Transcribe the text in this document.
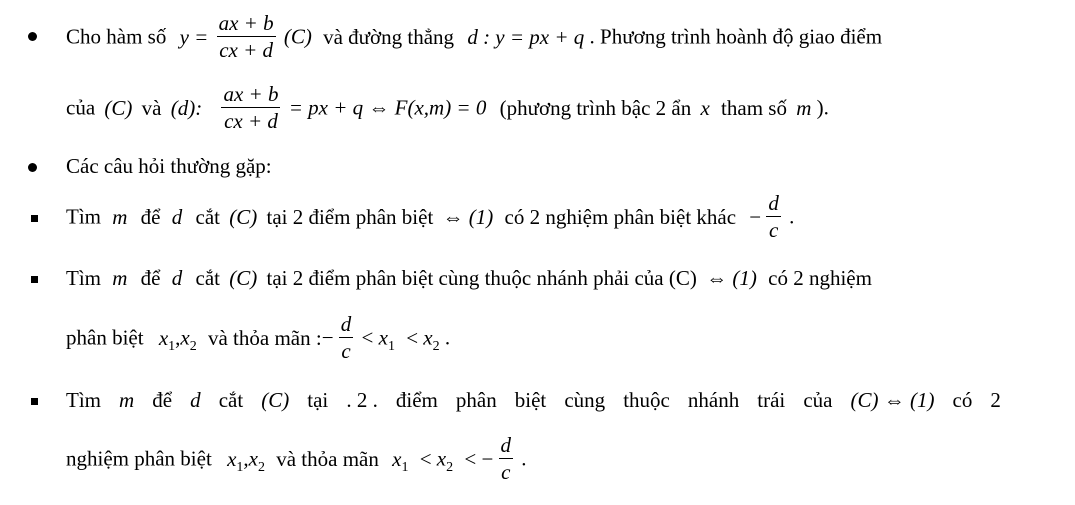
Cho hàm số $y = \frac{ax + b}{cx + d} (C)$ và đường thẳng d : y = px + q . Phương trình hoành độ giao điểm
của (C) và (d): $\frac{ax + b}{cx + d}$ = px + q ⇔ F(x,m) = 0 (phương trình bậc 2 ẩn x tham số m ).
Các câu hỏi thường gặp:
Tìm m để d cắt (C) tại 2 điểm phân biệt ⇔ (1) có 2 nghiệm phân biệt khác − $\frac{d}{c}$ .
Tìm m để d cắt (C) tại 2 điểm phân biệt cùng thuộc nhánh phải của (C) ⇔ (1) có 2 nghiệm
phân biệt $x_1,x_2$ và thỏa mãn :− $\frac{d}{c} < x_1 < x_2$ .
Tìm m để d cắt (C) tại . 2 . điểm phân biệt cùng thuộc nhánh trái của (C) ⇔ (1) có 2
nghiệm phân biệt $x_1,x_2$ và thỏa mãn $x_1 < x_2$ < − $\frac{d}{c}$ .
